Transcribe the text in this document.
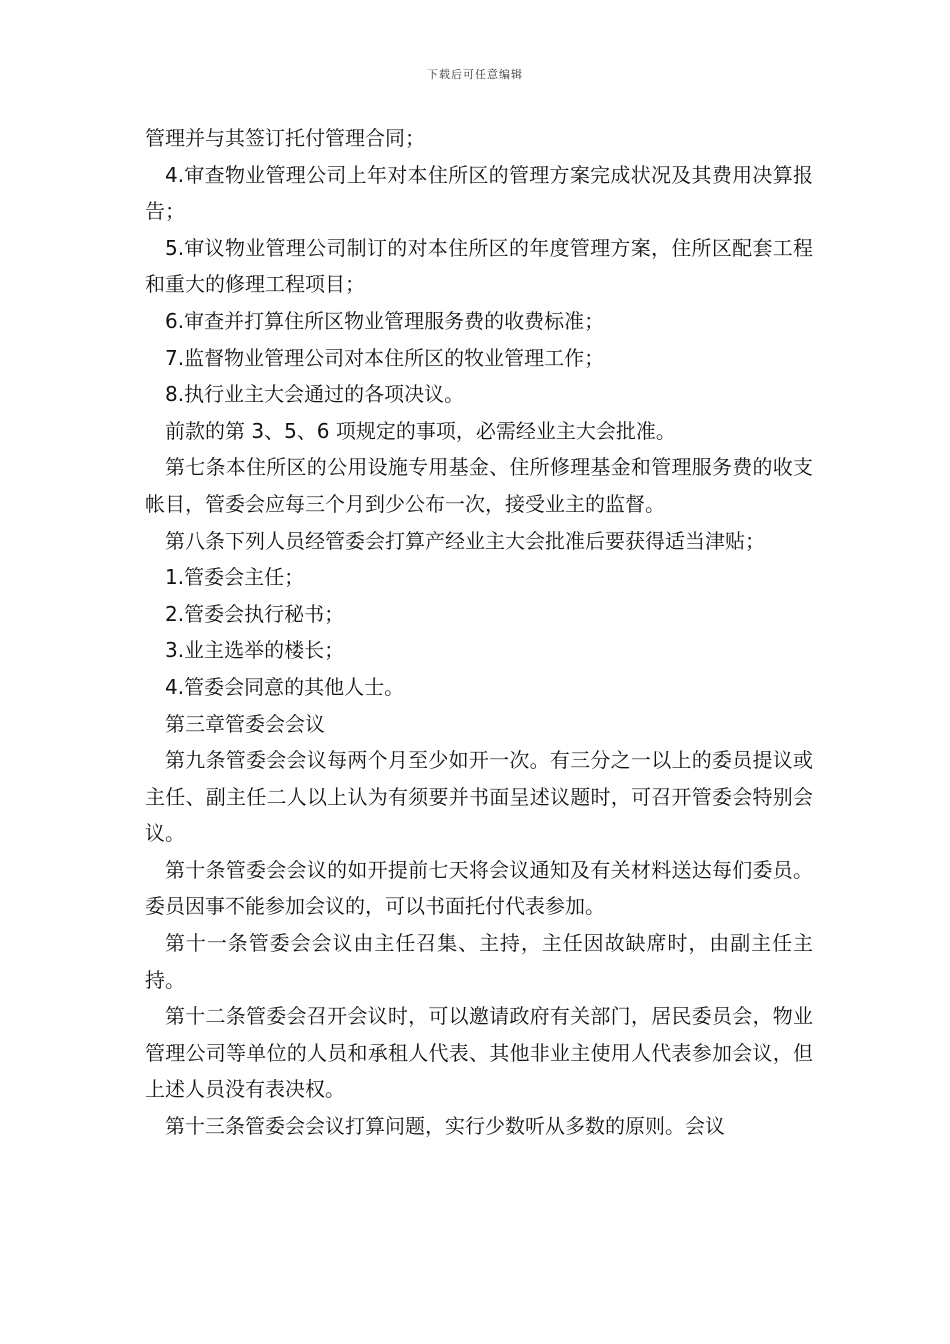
下载后可任意编辑

管理并与其签订托付管理合同；

4.审查物业管理公司上年对本住所区的管理方案完成状况及其费用决算报告；

5.审议物业管理公司制订的对本住所区的年度管理方案，住所区配套工程和重大的修理工程项目；

6.审查并打算住所区物业管理服务费的收费标准；

7.监督物业管理公司对本住所区的牧业管理工作；

8.执行业主大会通过的各项决议。

前款的第 3、5、6 项规定的事项，必需经业主大会批准。

第七条本住所区的公用设施专用基金、住所修理基金和管理服务费的收支帐目，管委会应每三个月到少公布一次，接受业主的监督。

第八条下列人员经管委会打算产经业主大会批准后要获得适当津贴；

1.管委会主任；

2.管委会执行秘书；

3.业主选举的楼长；

4.管委会同意的其他人士。

第三章管委会会议

第九条管委会会议每两个月至少如开一次。有三分之一以上的委员提议或主任、副主任二人以上认为有须要并书面呈述议题时，可召开管委会特别会议。

第十条管委会会议的如开提前七天将会议通知及有关材料送达每们委员。委员因事不能参加会议的，可以书面托付代表参加。

第十一条管委会会议由主任召集、主持，主任因故缺席时，由副主任主持。

第十二条管委会召开会议时，可以邀请政府有关部门，居民委员会，物业管理公司等单位的人员和承租人代表、其他非业主使用人代表参加会议，但上述人员没有表决权。

第十三条管委会会议打算问题，实行少数听从多数的原则。会议
